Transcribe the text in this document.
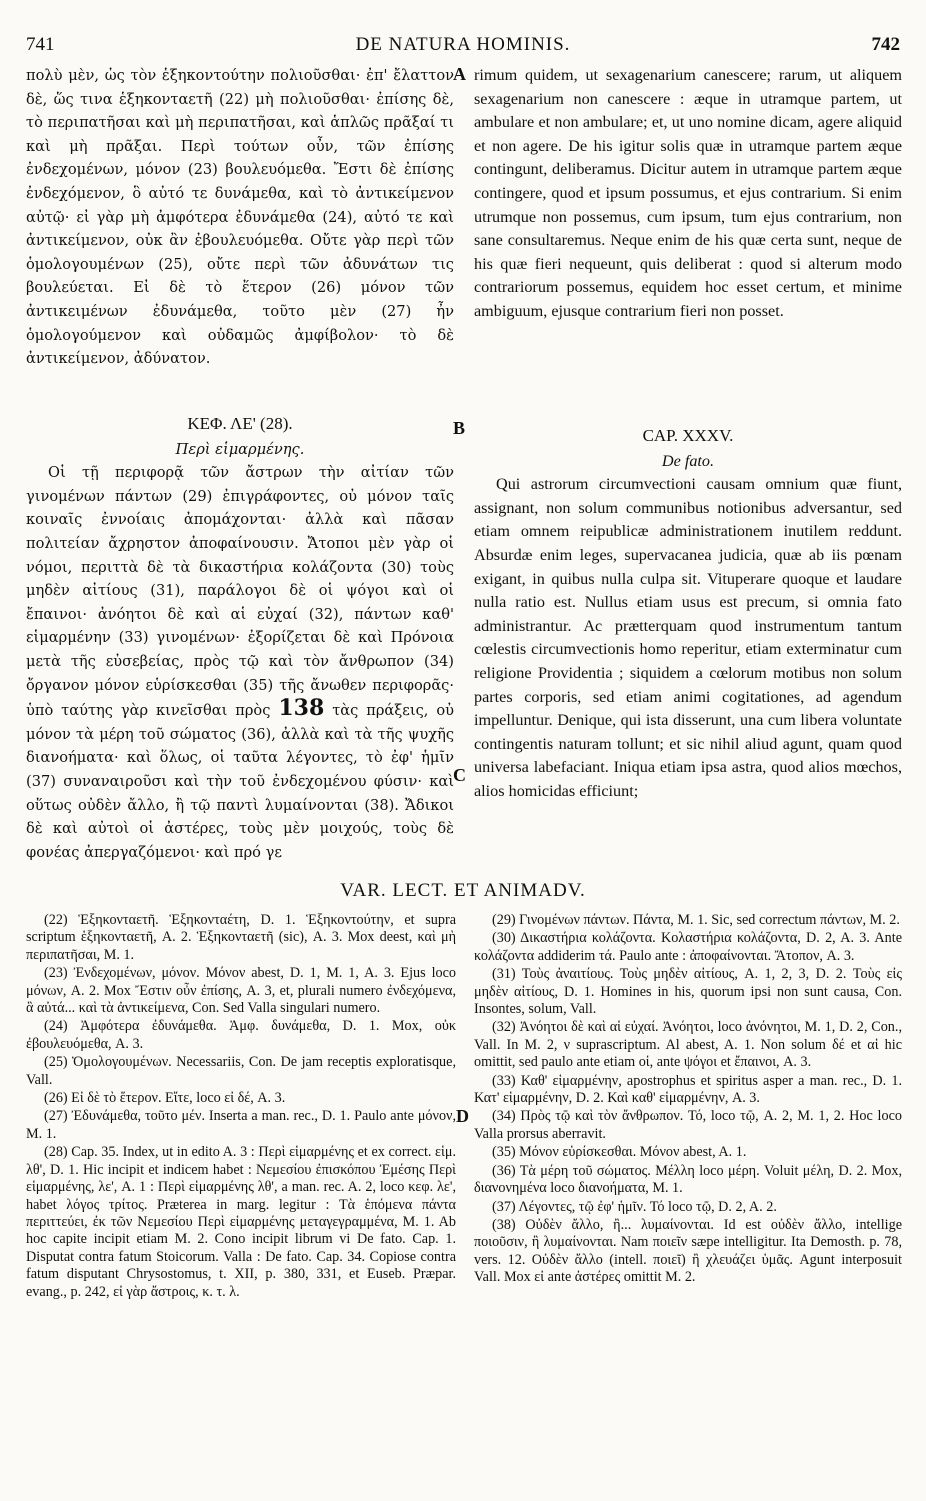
741	DE NATURA HOMINIS.	742
πολὺ μὲν, ὡς τὸν ἑξηκοντούτην πολιοῦσθαι· ἐπ' ἔλαττον δὲ, ὥς τινα ἑξηκονταετῆ (22) μὴ πολιοῦσθαι· ἐπίσης δὲ, τὸ περιπατῆσαι καὶ μὴ περιπατῆσαι, καὶ ἁπλῶς πρᾶξαί τι καὶ μὴ πρᾶξαι. Περὶ τούτων οὖν, τῶν ἐπίσης ἐνδεχομένων, μόνον (23) βουλευόμεθα. Ἔστι δὲ ἐπίσης ἐνδεχόμενον, ὃ αὐτό τε δυνάμεθα, καὶ τὸ ἀντικείμενον αὐτῷ· εἰ γὰρ μὴ ἀμφότερα ἐδυνάμεθα (24), αὐτό τε καὶ ἀντικείμενον, οὐκ ἂν ἐβουλευόμεθα. Οὔτε γὰρ περὶ τῶν ὁμολογουμένων (25), οὔτε περὶ τῶν ἀδυνάτων τις βουλεύεται. Εἰ δὲ τὸ ἕτερον (26) μόνον τῶν ἀντικειμένων ἐδυνάμεθα, τοῦτο μὲν (27) ἦν ὁμολογούμενον καὶ οὐδαμῶς ἀμφίβολον· τὸ δὲ ἀντικείμενον, ἀδύνατον.
A rimum quidem, ut sexagenarium canescere; rarum, ut aliquem sexagenarium non canescere : æque in utramque partem, ut ambulare et non ambulare; et, ut uno nomine dicam, agere aliquid et non agere. De his igitur solis quæ in utramque partem æque contingunt, deliberamus. Dicitur autem in utramque partem æque contingere, quod et ipsum possumus, et ejus contrarium. Si enim utrumque non possemus, cum ipsum, tum ejus contrarium, non sane consultaremus. Neque enim de his quæ certa sunt, neque de his quæ fieri nequeunt, quis deliberat : quod si alterum modo contrariorum possemus, equidem hoc esset certum, et minime ambiguum, ejusque contrarium fieri non posset.
ΚΕΦ. ΛΕ' (28).
Περὶ εἱμαρμένης.
Οἱ τῇ περιφορᾷ τῶν ἄστρων τὴν αἰτίαν τῶν γινομένων πάντων (29) ἐπιγράφοντες, οὐ μόνον ταῖς κοιναῖς ἐννοίαις ἀπομάχονται· ἀλλὰ καὶ πᾶσαν πολιτείαν ἄχρηστον ἀποφαίνουσιν. Ἄτοποι μὲν γὰρ οἱ νόμοι, περιττὰ δὲ τὰ δικαστήρια κολάζοντα (30) τοὺς μηδὲν αἰτίους (31), παράλογοι δὲ οἱ ψόγοι καὶ οἱ ἔπαινοι· ἀνόητοι δὲ καὶ αἱ εὐχαί (32), πάντων καθ' εἱμαρμένην (33) γινομένων· ἐξορίζεται δὲ καὶ Πρόνοια μετὰ τῆς εὐσεβείας, πρὸς τῷ καὶ τὸν ἄνθρωπον (34) ὄργανον μόνον εὑρίσκεσθαι (35) τῆς ἄνωθεν περιφορᾶς· ὑπὸ ταύτης γὰρ κινεῖσθαι πρὸς 138 τὰς πράξεις, οὐ μόνον τὰ μέρη τοῦ σώματος (36), ἀλλὰ καὶ τὰ τῆς ψυχῆς διανοήματα· καὶ ὅλως, οἱ ταῦτα λέγοντες, τὸ ἐφ' ἡμῖν (37) συναναιροῦσι καὶ τὴν τοῦ ἐνδεχομένου φύσιν· καὶ οὕτως οὐδὲν ἄλλο, ἢ τῷ παντὶ λυμαίνονται (38). Ἄδικοι δὲ καὶ αὐτοὶ οἱ ἀστέρες, τοὺς μὲν μοιχούς, τοὺς δὲ φονέας ἀπεργαζόμενοι· καὶ πρό γε
B
C
CAP. XXXV.
De fato.
Qui astrorum circumvectioni causam omnium quæ fiunt, assignant, non solum communibus notionibus adversantur, sed etiam omnem reipublicæ administrationem inutilem reddunt. Absurdæ enim leges, supervacanea judicia, quæ ab iis pœnam exigant, in quibus nulla culpa sit. Vituperare quoque et laudare nulla ratio est. Nullus etiam usus est precum, si omnia fato administrantur. Ac prætterquam quod instrumentum tantum cœlestis circumvectionis homo reperitur, etiam exterminatur cum religione Providentia ; siquidem a cœlorum motibus non solum partes corporis, sed etiam animi cogitationes, ad agendum impelluntur. Denique, qui ista disserunt, una cum libera voluntate contingentis naturam tollunt; et sic nihil aliud agunt, quam quod universa labefaciant. Iniqua etiam ipsa astra, quod alios mœchos, alios homicidas efficiunt;
VAR. LECT. ET ANIMADV.

(22) Ἑξηκονταετῆ. Ἑξηκονταέτη, D. 1. Ἑξηκοντούτην, et supra scriptum ἑξηκονταετῆ, A. 2. Ἑξηκονταετῆ (sic), A. 3. Mox deest, καὶ μὴ περιπατῆσαι, M. 1.

(23) Ἐνδεχομένων, μόνον. Μόνον abest, D. 1, M. 1, A. 3. Ejus loco μόνων, A. 2. Mox Ἔστιν οὖν ἐπίσης, A. 3, et, plurali numero ἐνδεχόμενα, ἃ αὐτά... καὶ τὰ ἀντικείμενα, Con. Sed Valla singulari numero.

(24) Ἀμφότερα ἐδυνάμεθα. Ἀμφ. δυνάμεθα, D. 1. Mox, οὐκ ἐβουλευόμεθα, A. 3.

(25) Ὁμολογουμένων. Necessariis, Con. De jam receptis exploratisque, Vall.

(26) Εἰ δὲ τὸ ἕτερον. Εἴτε, loco εἰ δέ, A. 3.

(27) Ἐδυνάμεθα, τοῦτο μέν. Inserta a man. rec., D. 1. Paulo ante μόνον, M. 1.

(28) Cap. 35. Index, ut in edito A. 3 : Περὶ εἱμαρμένης et ex correct. εἱμ. λθ', D. 1. Hic incipit et indicem habet : Νεμεσίου ἐπισκόπου Ἐμέσης Περὶ εἱμαρμένης, λε', A. 1 : Περὶ εἱμαρμένης λθ', a man. rec. A. 2, loco κεφ. λε', habet λόγος τρίτος. Præterea in marg. legitur : Τὰ ἑπόμενα πάντα περιττεύει, ἐκ τῶν Νεμεσίου Περὶ εἱμαρμένης μεταγεγραμμένα, M. 1. Ab hoc capite incipit etiam M. 2. Cono incipit librum vi De fato. Cap. 1. Disputat contra fatum Stoicorum. Valla : De fato. Cap. 34. Copiose contra fatum disputant Chrysostomus, t. XII, p. 380, 331, et Euseb. Præpar. evang., p. 242, εἰ γὰρ ἄστροις, κ. τ. λ.

D

(29) Γινομένων πάντων. Πάντα, M. 1. Sic, sed correctum πάντων, M. 2.

(30) Δικαστήρια κολάζοντα. Κολαστήρια κολάζοντα, D. 2, A. 3. Ante κολάζοντα addiderim τά. Paulo ante : ἀποφαίνονται. Ἄτοπον, A. 3.

(31) Τοὺς ἀναιτίους. Τοὺς μηδὲν αἰτίους, A. 1, 2, 3, D. 2. Τοὺς εἰς μηδὲν αἰτίους, D. 1. Homines in his, quorum ipsi non sunt causa, Con. Insontes, solum, Vall.

(32) Ἀνόητοι δὲ καὶ αἱ εὐχαί. Ἀνόητοι, loco ἀνόνητοι, M. 1, D. 2, Con., Vall. In M. 2, ν suprascriptum. Al abest, A. 1. Non solum δέ et αἱ hic omittit, sed paulo ante etiam οἱ, ante ψόγοι et ἔπαινοι, A. 3.

(33) Καθ' εἱμαρμένην, apostrophus et spiritus asper a man. rec., D. 1. Κατ' εἱμαρμένην, D. 2. Καὶ καθ' εἱμαρμένην, A. 3.

(34) Πρὸς τῷ καὶ τὸν ἄνθρωπον. Τό, loco τῷ, A. 2, M. 1, 2. Hoc loco Valla prorsus aberravit.

(35) Μόνον εὑρίσκεσθαι. Μόνον abest, A. 1.

(36) Τὰ μέρη τοῦ σώματος. Μέλλη loco μέρη. Voluit μέλη, D. 2. Mox, διανονημένα loco διανοήματα, M. 1.

(37) Λέγοντες, τῷ ἐφ' ἡμῖν. Τό loco τῷ, D. 2, A. 2.

(38) Οὐδὲν ἄλλο, ἢ... λυμαίνονται. Id est οὐδὲν ἄλλο, intellige ποιοῦσιν, ἢ λυμαίνονται. Nam ποιεῖν sæpe intelligitur. Ita Demosth. p. 78, vers. 12. Οὐδὲν ἄλλο (intell. ποιεῖ) ἢ χλευάζει ὑμᾶς. Agunt interposuit Vall. Mox εἰ ante ἀστέρες omittit M. 2.
